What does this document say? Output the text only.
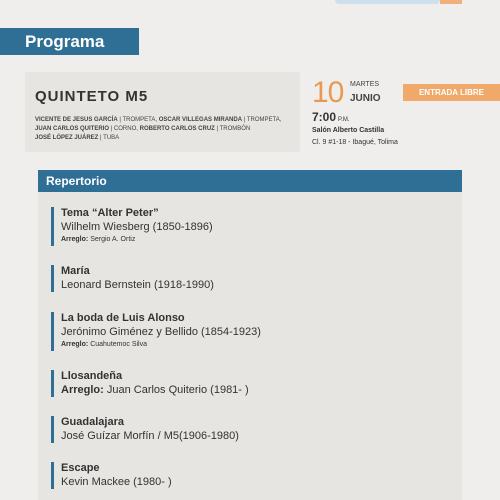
Programa
QUINTETO M5
VICENTE DE JESUS GARCÍA | TROMPETA, OSCAR VILLEGAS MIRANDA | TROMPETA,
JUAN CARLOS QUITERIO | CORNO, ROBERTO CARLOS CRUZ | TROMBÓN
JOSÉ LÓPEZ JUÁREZ | TUBA
10 MARTES
JUNIO
ENTRADA LIBRE
7:00 P.M.
Salón Alberto Castilla
Cl. 9 #1-18 - Ibagué, Tolima
Repertorio
Tema “Alter Peter”
Wilhelm Wiesberg (1850-1896)
Arreglo: Sergio A. Ortiz
María
Leonard Bernstein (1918-1990)
La boda de Luis Alonso
Jerónimo Giménez y Bellido (1854-1923)
Arreglo: Cuahutemoc Silva
Llosandeña
Arreglo: Juan Carlos Quiterio (1981- )
Guadalajara
José Guízar Morfín / M5(1906-1980)
Escape
Kevin Mackee (1980- )
